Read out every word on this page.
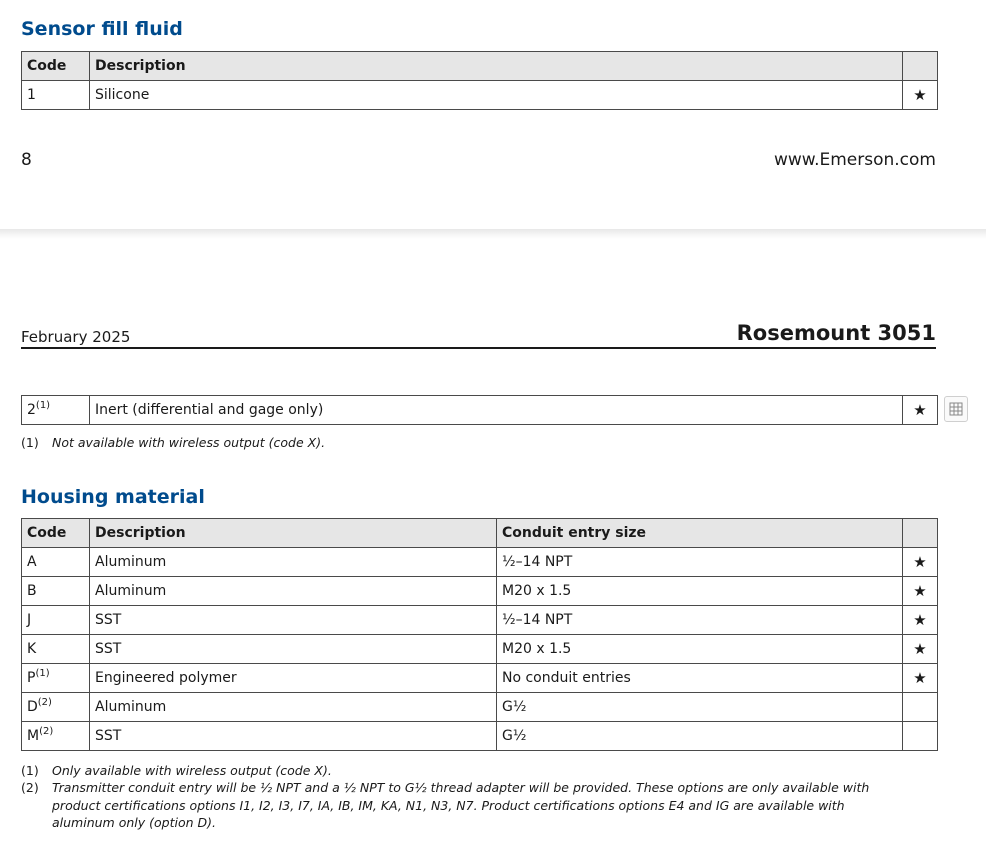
Sensor fill fluid
Code	Description	
1	Silicone	★
8	www.Emerson.com
February 2025	Rosemount 3051
2$^{(1)}$	Inert (differential and gage only)	★
(1) Not available with wireless output (code X).
Housing material
Code	Description	Conduit entry size	
A	Aluminum	½–14 NPT	★
B	Aluminum	M20 x 1.5	★
J	SST	½–14 NPT	★
K	SST	M20 x 1.5	★
$P^{(1)}$	Engineered polymer	No conduit entries	★
$D^{(2)}$	Aluminum	G½	
$M^{(2)}$	SST	G½	
(1) Only available with wireless output (code X).
(2) Transmitter conduit entry will be ½ NPT and a ½ NPT to G½ thread adapter will be provided. These options are only available with
product certifications options I1, I2, I3, I7, IA, IB, IM, KA, N1, N3, N7. Product certifications options E4 and IG are available with
aluminum only (option D).
